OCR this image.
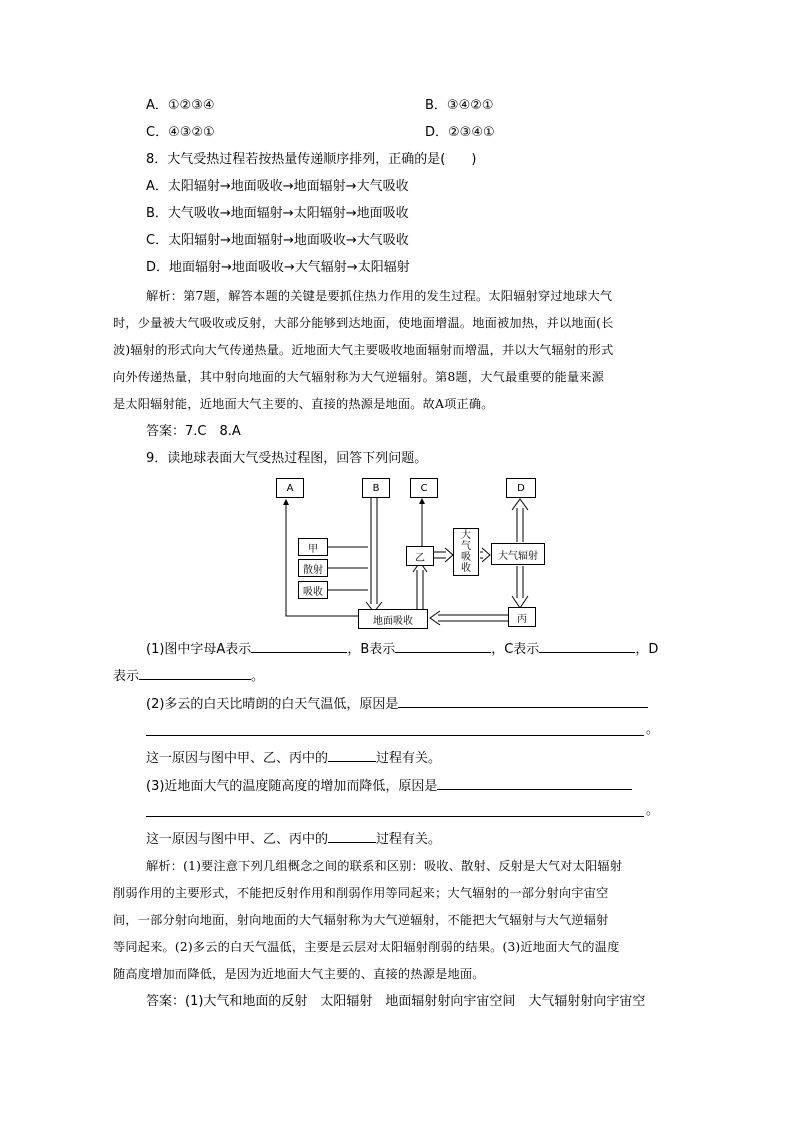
A．①②③④	B．③④②①
C．④③②①	D．②③④①
8．大气受热过程若按热量传递顺序排列，正确的是(　　)
A．太阳辐射→地面吸收→地面辐射→大气吸收
B．大气吸收→地面辐射→太阳辐射→地面吸收
C．太阳辐射→地面辐射→地面吸收→大气吸收
D．地面辐射→地面吸收→大气辐射→太阳辐射
解析：第7题，解答本题的关键是要抓住热力作用的发生过程。太阳辐射穿过地球大气
时，少量被大气吸收或反射，大部分能够到达地面，使地面增温。地面被加热，并以地面(长
波)辐射的形式向大气传递热量。近地面大气主要吸收地面辐射而增温，并以大气辐射的形式
向外传递热量，其中射向地面的大气辐射称为大气逆辐射。第8题，大气最重要的能量来源
是太阳辐射能，近地面大气主要的、直接的热源是地面。故A项正确。
答案：7.C　8.A
9．读地球表面大气受热过程图，回答下列问题。
A	B	C	D
甲
散射
吸收
乙
大
气
吸
收
大气辐射
地面吸收	丙
(1)图中字母A表示	，B表示	，C表示	，D
表示	。
(2)多云的白天比晴朗的白天气温低，原因是
。
这一原因与图中甲、乙、丙中的	过程有关。
(3)近地面大气的温度随高度的增加而降低，原因是
。
这一原因与图中甲、乙、丙中的	过程有关。
解析：(1)要注意下列几组概念之间的联系和区别：吸收、散射、反射是大气对太阳辐射
削弱作用的主要形式，不能把反射作用和削弱作用等同起来；大气辐射的一部分射向宇宙空
间，一部分射向地面，射向地面的大气辐射称为大气逆辐射，不能把大气辐射与大气逆辐射
等同起来。(2)多云的白天气温低，主要是云层对太阳辐射削弱的结果。(3)近地面大气的温度
随高度增加而降低，是因为近地面大气主要的、直接的热源是地面。
答案：(1)大气和地面的反射　太阳辐射　地面辐射射向宇宙空间　大气辐射射向宇宙空
